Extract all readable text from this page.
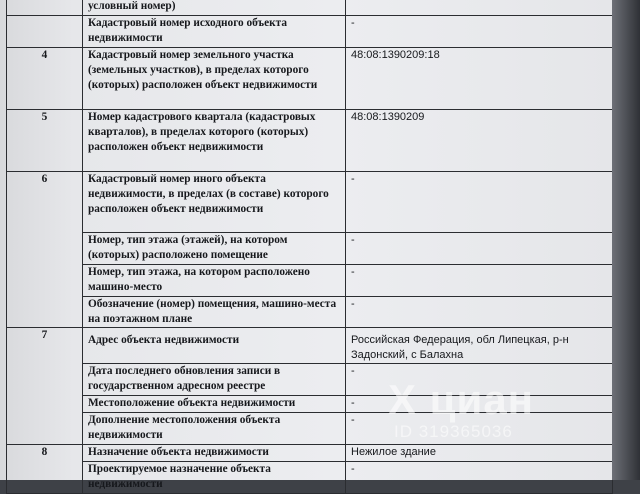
	условный номер)	
	Кадастровый номер исходного объекта недвижимости	-
4	Кадастровый номер земельного участка (земельных участков), в пределах которого (которых) расположен объект недвижимости	48:08:1390209:18
5	Номер кадастрового квартала (кадастровых кварталов), в пределах которого (которых) расположен объект недвижимости	48:08:1390209
6	Кадастровый номер иного объекта недвижимости, в пределах (в составе) которого расположен объект недвижимости	-
	Номер, тип этажа (этажей), на котором (которых) расположено помещение	-
	Номер, тип этажа, на котором расположено машино-место	-
	Обозначение (номер) помещения, машино-места на поэтажном плане	-
7	Адрес объекта недвижимости	Российская Федерация, обл Липецкая, р-н Задонский, с Балахна
	Дата последнего обновления записи в государственном адресном реестре	-
	Местоположение объекта недвижимости	-
	Дополнение местоположения объекта недвижимости	-
8	Назначение объекта недвижимости	Нежилое здание
	Проектируемое назначение объекта недвижимости	-
Х циан
ID 319365036
